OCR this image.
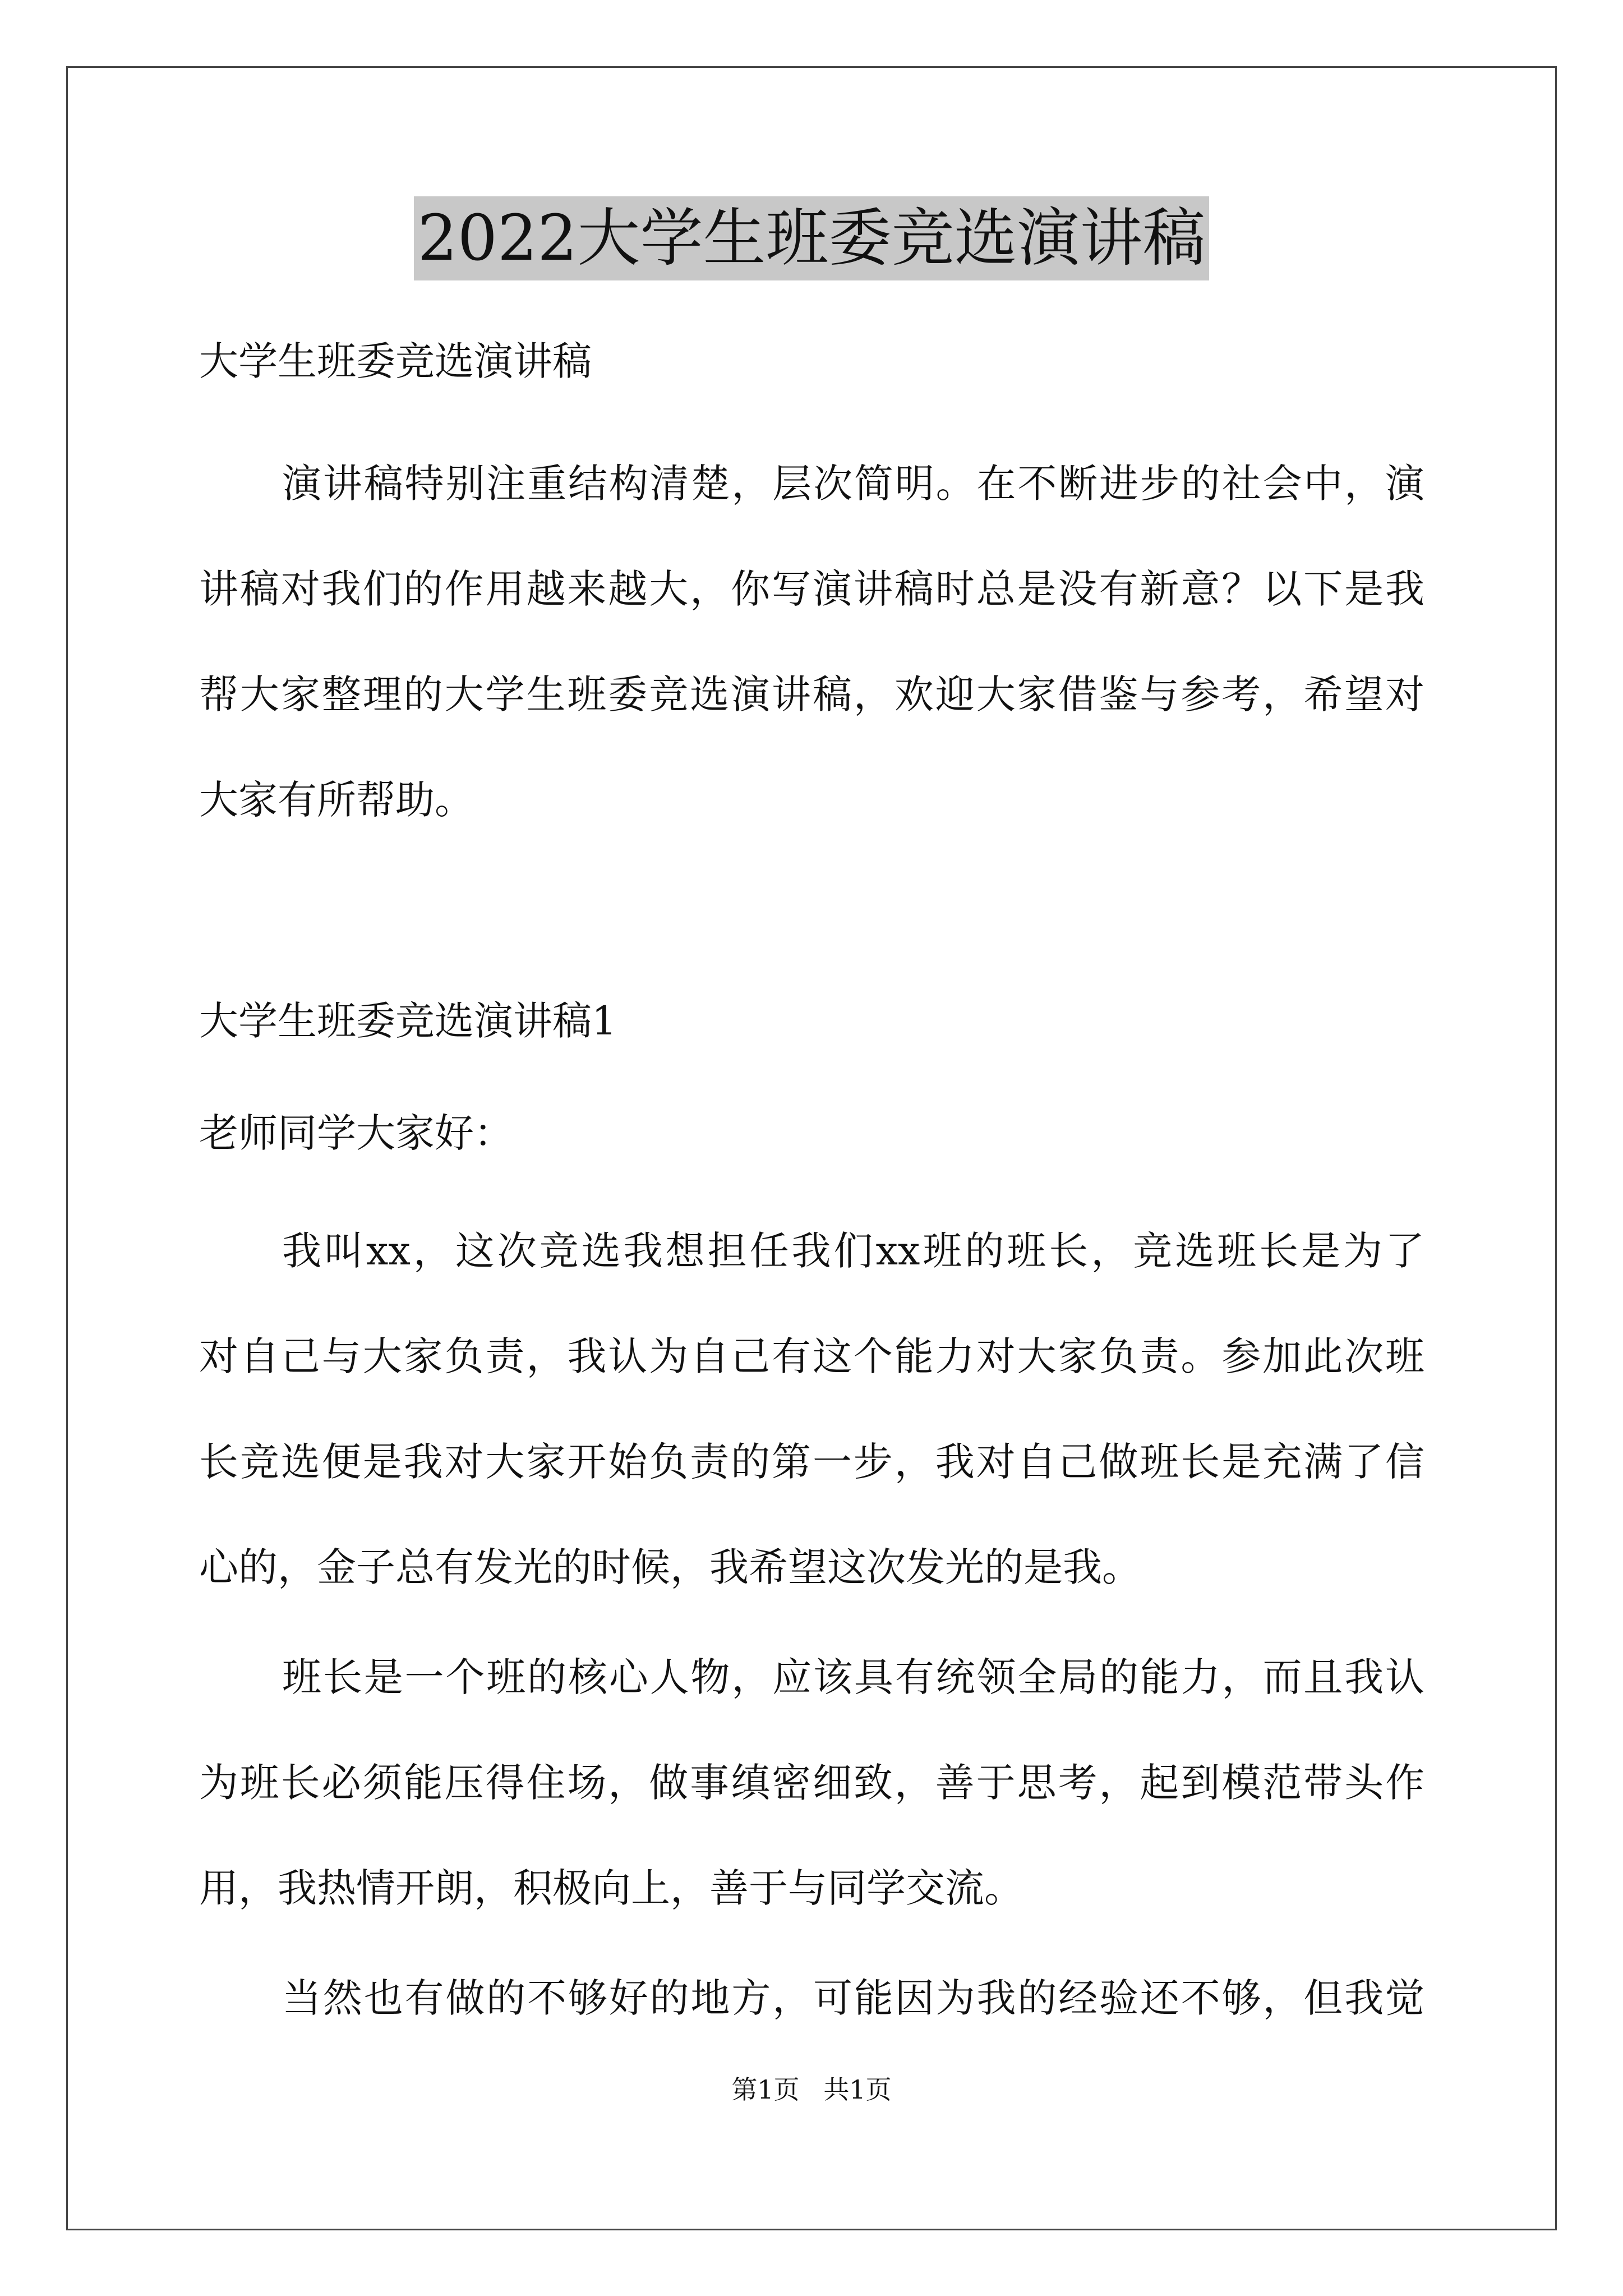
2022大学生班委竞选演讲稿
大学生班委竞选演讲稿
演讲稿特别注重结构清楚，层次简明。在不断进步的社会中，演
讲稿对我们的作用越来越大，你写演讲稿时总是没有新意？以下是我
帮大家整理的大学生班委竞选演讲稿，欢迎大家借鉴与参考，希望对
大家有所帮助。
大学生班委竞选演讲稿1
老师同学大家好：
我叫xx，这次竞选我想担任我们xx班的班长，竞选班长是为了
对自己与大家负责，我认为自己有这个能力对大家负责。参加此次班
长竞选便是我对大家开始负责的第一步，我对自己做班长是充满了信
心的，金子总有发光的时候，我希望这次发光的是我。
班长是一个班的核心人物，应该具有统领全局的能力，而且我认
为班长必须能压得住场，做事缜密细致，善于思考，起到模范带头作
用，我热情开朗，积极向上，善于与同学交流。
当然也有做的不够好的地方，可能因为我的经验还不够，但我觉
第1页 共1页
